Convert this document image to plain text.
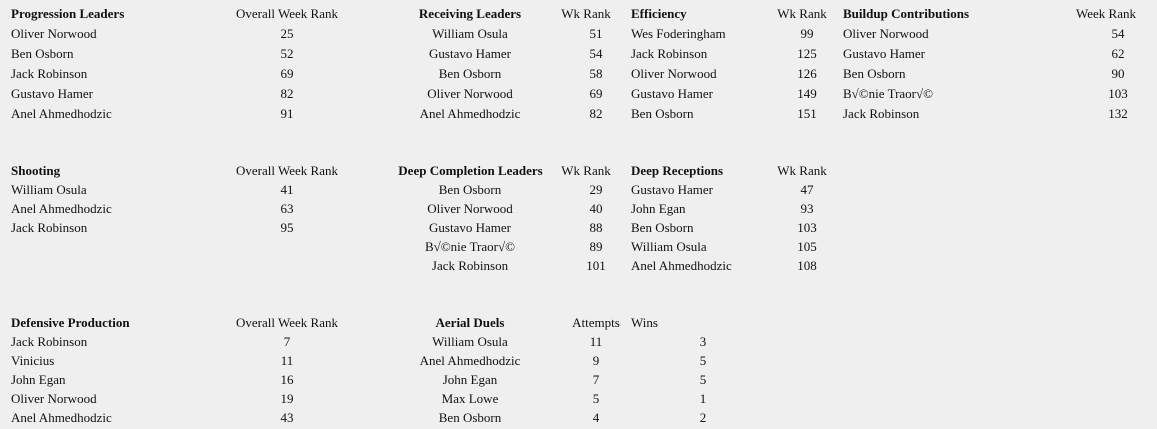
Progression Leaders	Overall Week Rank
Oliver Norwood	25
Ben Osborn	52
Jack Robinson	69
Gustavo Hamer	82
Anel Ahmedhodzic	91
Receiving Leaders	Wk Rank
William Osula	51
Gustavo Hamer	54
Ben Osborn	58
Oliver Norwood	69
Anel Ahmedhodzic	82
Efficiency	Wk Rank
Wes Foderingham	99
Jack Robinson	125
Oliver Norwood	126
Gustavo Hamer	149
Ben Osborn	151
Buildup Contributions	Week Rank
Oliver Norwood	54
Gustavo Hamer	62
Ben Osborn	90
B√©nie Traor√©	103
Jack Robinson	132
Shooting	Overall Week Rank
William Osula	41
Anel Ahmedhodzic	63
Jack Robinson	95
Deep Completion Leaders	Wk Rank
Ben Osborn	29
Oliver Norwood	40
Gustavo Hamer	88
B√©nie Traor√©	89
Jack Robinson	101
Deep Receptions	Wk Rank
Gustavo Hamer	47
John Egan	93
Ben Osborn	103
William Osula	105
Anel Ahmedhodzic	108
Defensive Production	Overall Week Rank
Jack Robinson	7
Vinicius	11
John Egan	16
Oliver Norwood	19
Anel Ahmedhodzic	43
Aerial Duels	Attempts Wins
William Osula	11	3
Anel Ahmedhodzic	9	5
John Egan	7	5
Max Lowe	5	1
Ben Osborn	4	2
